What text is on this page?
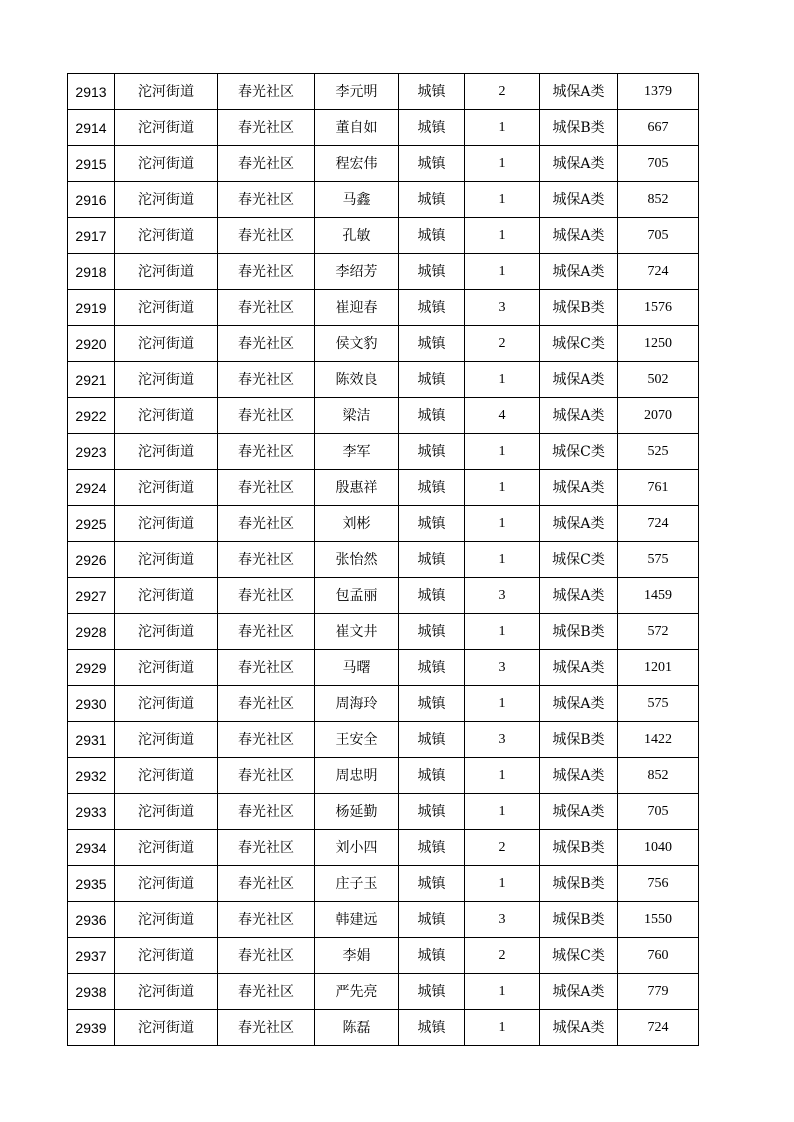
2913	沱河街道	春光社区	李元明	城镇	2	城保A类	1379
2914	沱河街道	春光社区	董自如	城镇	1	城保B类	667
2915	沱河街道	春光社区	程宏伟	城镇	1	城保A类	705
2916	沱河街道	春光社区	马鑫	城镇	1	城保A类	852
2917	沱河街道	春光社区	孔敏	城镇	1	城保A类	705
2918	沱河街道	春光社区	李绍芳	城镇	1	城保A类	724
2919	沱河街道	春光社区	崔迎春	城镇	3	城保B类	1576
2920	沱河街道	春光社区	侯文豹	城镇	2	城保C类	1250
2921	沱河街道	春光社区	陈效良	城镇	1	城保A类	502
2922	沱河街道	春光社区	梁洁	城镇	4	城保A类	2070
2923	沱河街道	春光社区	李军	城镇	1	城保C类	525
2924	沱河街道	春光社区	殷惠祥	城镇	1	城保A类	761
2925	沱河街道	春光社区	刘彬	城镇	1	城保A类	724
2926	沱河街道	春光社区	张怡然	城镇	1	城保C类	575
2927	沱河街道	春光社区	包孟丽	城镇	3	城保A类	1459
2928	沱河街道	春光社区	崔文井	城镇	1	城保B类	572
2929	沱河街道	春光社区	马曙	城镇	3	城保A类	1201
2930	沱河街道	春光社区	周海玲	城镇	1	城保A类	575
2931	沱河街道	春光社区	王安全	城镇	3	城保B类	1422
2932	沱河街道	春光社区	周忠明	城镇	1	城保A类	852
2933	沱河街道	春光社区	杨延勤	城镇	1	城保A类	705
2934	沱河街道	春光社区	刘小四	城镇	2	城保B类	1040
2935	沱河街道	春光社区	庄子玉	城镇	1	城保B类	756
2936	沱河街道	春光社区	韩建远	城镇	3	城保B类	1550
2937	沱河街道	春光社区	李娟	城镇	2	城保C类	760
2938	沱河街道	春光社区	严先亮	城镇	1	城保A类	779
2939	沱河街道	春光社区	陈磊	城镇	1	城保A类	724
